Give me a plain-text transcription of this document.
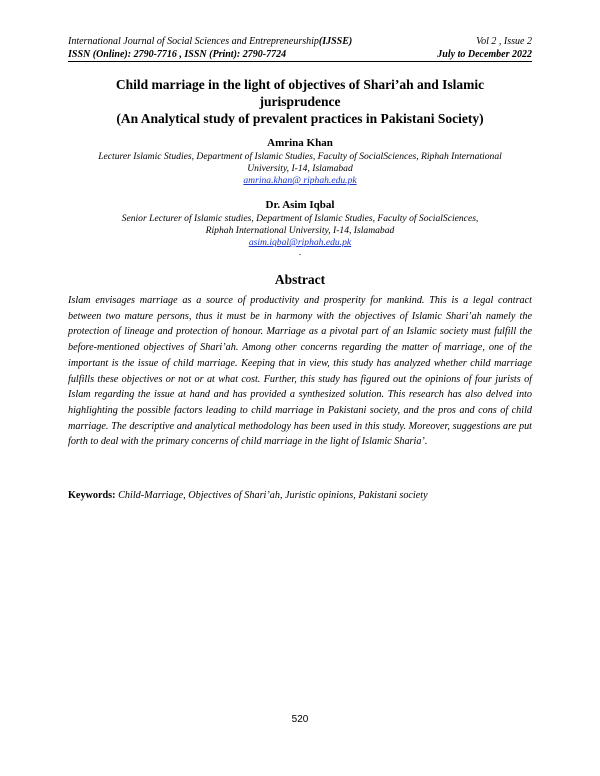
International Journal of Social Sciences and Entrepreneurship(IJSSE)	Vol 2 , Issue 2
ISSN (Online): 2790-7716 , ISSN (Print): 2790-7724	July to December 2022
Child marriage in the light of objectives of Shari’ah and Islamic
jurisprudence
(An Analytical study of prevalent practices in Pakistani Society)
Amrina Khan
Lecturer Islamic Studies, Department of Islamic Studies, Faculty of SocialSciences, Riphah International
University, I-14, Islamabad
amrina.khan@ riphah.edu.pk
Dr. Asim Iqbal
Senior Lecturer of Islamic studies, Department of Islamic Studies, Faculty of SocialSciences,
Riphah International University, I-14, Islamabad
asim.iqbal@riphah.edu.pk
.
Abstract
Islam envisages marriage as a source of productivity and prosperity for mankind. This is a legal contract between two mature persons, thus it must be in harmony with the objectives of Islamic Shari’ah namely the protection of lineage and protection of honour. Marriage as a pivotal part of an Islamic society must fulfill the before-mentioned objectives of Shari’ah. Among other concerns regarding the matter of marriage, one of the important is the issue of child marriage. Keeping that in view, this study has analyzed whether child marriage fulfills these objectives or not or at what cost. Further, this study has figured out the opinions of four jurists of Islam regarding the issue at hand and has provided a synthesized solution. This research has also delved into highlighting the possible factors leading to child marriage in Pakistani society, and the pros and cons of child marriage. The descriptive and analytical methodology has been used in this study. Moreover, suggestions are put forth to deal with the primary concerns of child marriage in the light of Islamic Sharia’.
Keywords: Child-Marriage, Objectives of Shari’ah, Juristic opinions, Pakistani society
520
